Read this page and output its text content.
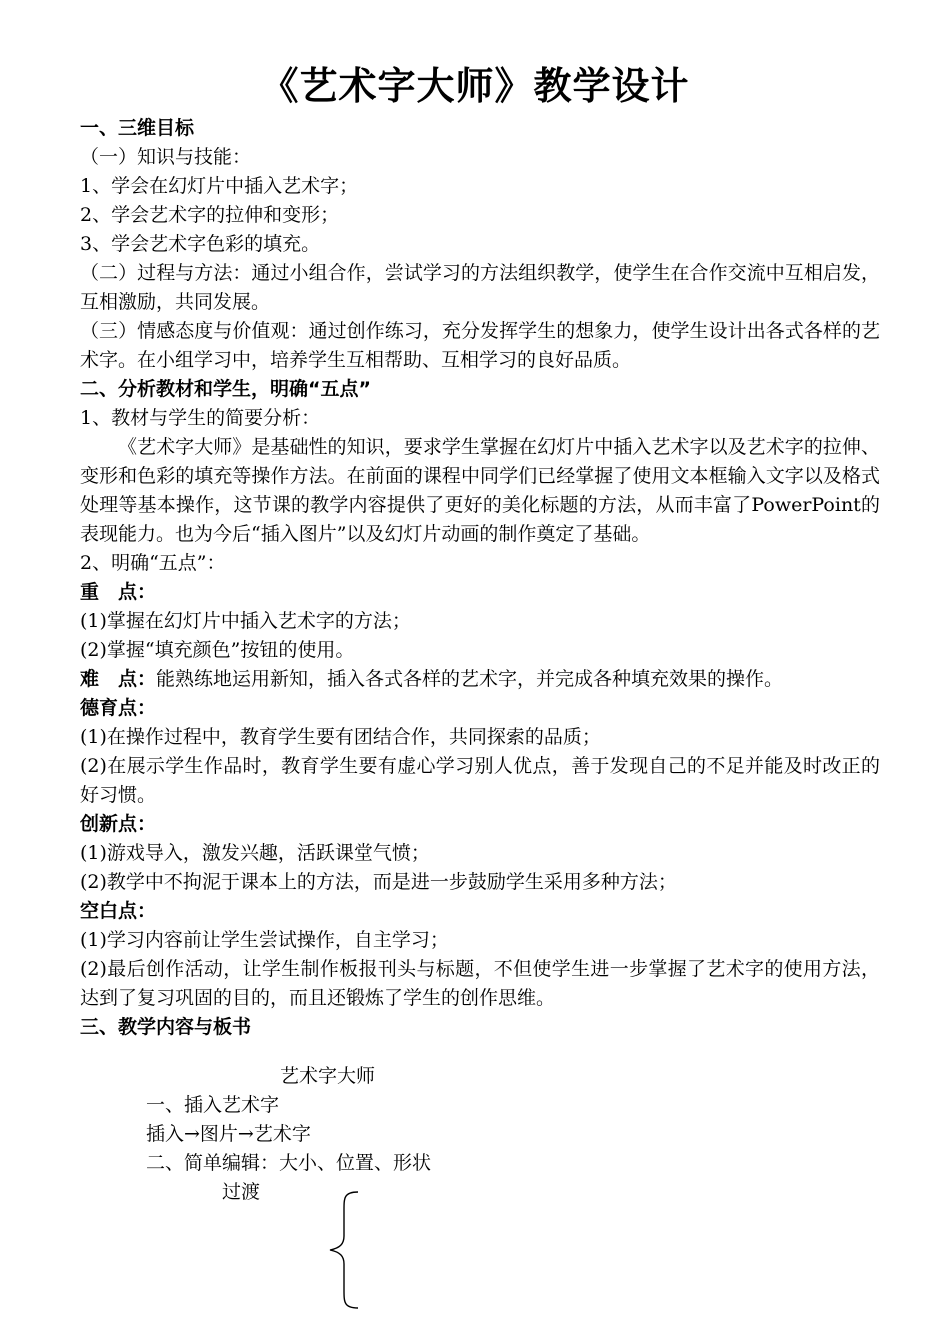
《艺术字大师》教学设计

一、三维目标

（一）知识与技能：

1、学会在幻灯片中插入艺术字；

2、学会艺术字的拉伸和变形；

3、学会艺术字色彩的填充。

（二）过程与方法：通过小组合作，尝试学习的方法组织教学，使学生在合作交流中互相启发，互相激励，共同发展。

（三）情感态度与价值观：通过创作练习，充分发挥学生的想象力，使学生设计出各式各样的艺术字。在小组学习中，培养学生互相帮助、互相学习的良好品质。

二、分析教材和学生，明确“五点”

1、教材与学生的简要分析：

《艺术字大师》是基础性的知识，要求学生掌握在幻灯片中插入艺术字以及艺术字的拉伸、变形和色彩的填充等操作方法。在前面的课程中同学们已经掌握了使用文本框输入文字以及格式处理等基本操作，这节课的教学内容提供了更好的美化标题的方法，从而丰富了PowerPoint的表现能力。也为今后“插入图片”以及幻灯片动画的制作奠定了基础。

2、明确“五点”：

重　点：

(1)掌握在幻灯片中插入艺术字的方法；

(2)掌握“填充颜色”按钮的使用。

难　点：能熟练地运用新知，插入各式各样的艺术字，并完成各种填充效果的操作。

德育点：

(1)在操作过程中，教育学生要有团结合作，共同探索的品质；

(2)在展示学生作品时，教育学生要有虚心学习别人优点，善于发现自己的不足并能及时改正的好习惯。

创新点：

(1)游戏导入，激发兴趣，活跃课堂气愤；

(2)教学中不拘泥于课本上的方法，而是进一步鼓励学生采用多种方法；

空白点：

(1)学习内容前让学生尝试操作，自主学习；

(2)最后创作活动，让学生制作板报刊头与标题，不但使学生进一步掌握了艺术字的使用方法，达到了复习巩固的目的，而且还锻炼了学生的创作思维。

三、教学内容与板书

艺术字大师
一、插入艺术字
插入→图片→艺术字
二、简单编辑：大小、位置、形状
过渡
